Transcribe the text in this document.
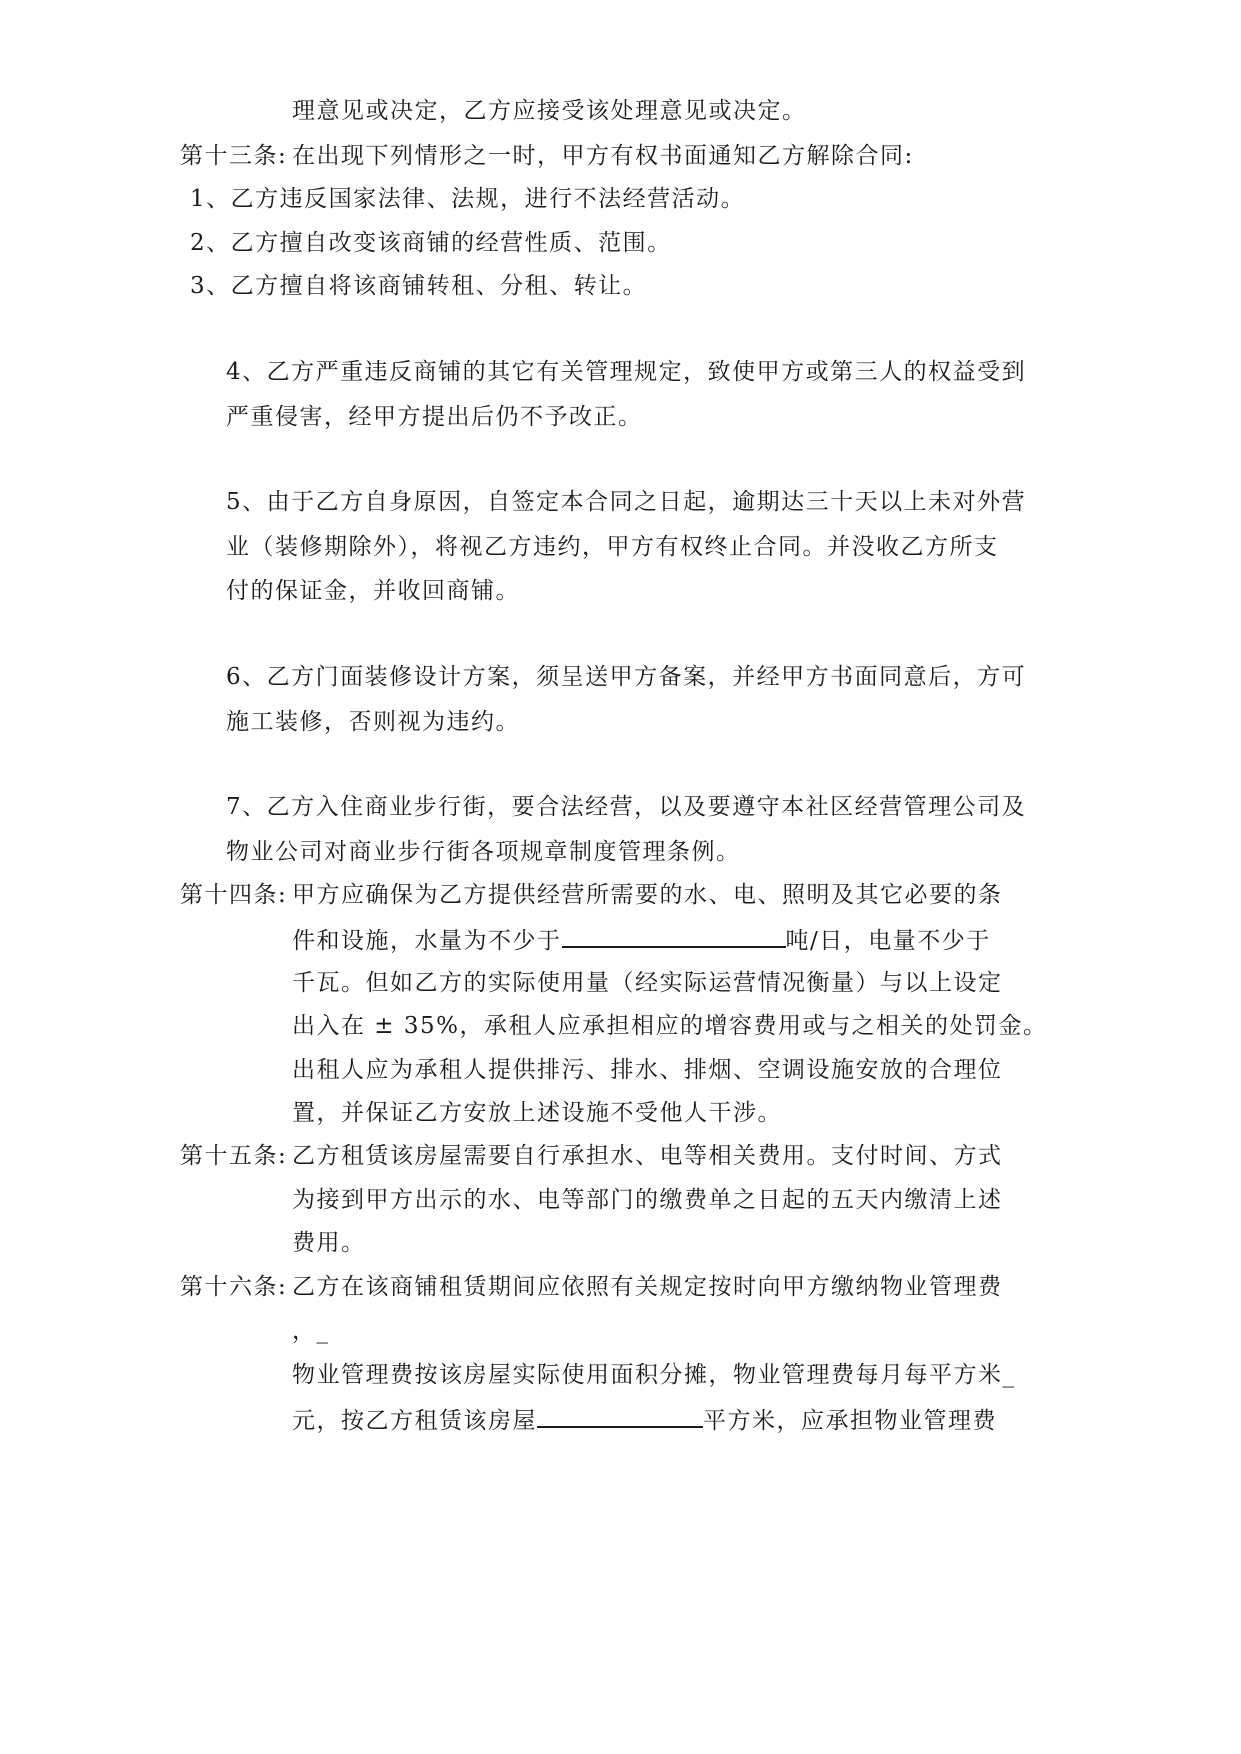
理意见或决定，乙方应接受该处理意见或决定。
第十三条: 在出现下列情形之一时，甲方有权书面通知乙方解除合同:
1、乙方违反国家法律、法规，进行不法经营活动。
2、乙方擅自改变该商铺的经营性质、范围。
3、乙方擅自将该商铺转租、分租、转让。
4、乙方严重违反商铺的其它有关管理规定，致使甲方或第三人的权益受到
严重侵害，经甲方提出后仍不予改正。
5、由于乙方自身原因，自签定本合同之日起，逾期达三十天以上未对外营
业（装修期除外），将视乙方违约，甲方有权终止合同。并没收乙方所支
付的保证金，并收回商铺。
6、乙方门面装修设计方案，须呈送甲方备案，并经甲方书面同意后，方可
施工装修，否则视为违约。
7、乙方入住商业步行街，要合法经营，以及要遵守本社区经营管理公司及
物业公司对商业步行街各项规章制度管理条例。
第十四条: 甲方应确保为乙方提供经营所需要的水、电、照明及其它必要的条
件和设施，水量为不少于	吨/日，电量不少于
千瓦。但如乙方的实际使用量（经实际运营情况衡量）与以上设定
出入在 ± 35%，承租人应承担相应的增容费用或与之相关的处罚金。
出租人应为承租人提供排污、排水、排烟、空调设施安放的合理位
置，并保证乙方安放上述设施不受他人干涉。
第十五条: 乙方租赁该房屋需要自行承担水、电等相关费用。支付时间、方式
为接到甲方出示的水、电等部门的缴费单之日起的五天内缴清上述
费用。
第十六条: 乙方在该商铺租赁期间应依照有关规定按时向甲方缴纳物业管理费
，_
物业管理费按该房屋实际使用面积分摊，物业管理费每月每平方米_
元，按乙方租赁该房屋	平方米，应承担物业管理费
